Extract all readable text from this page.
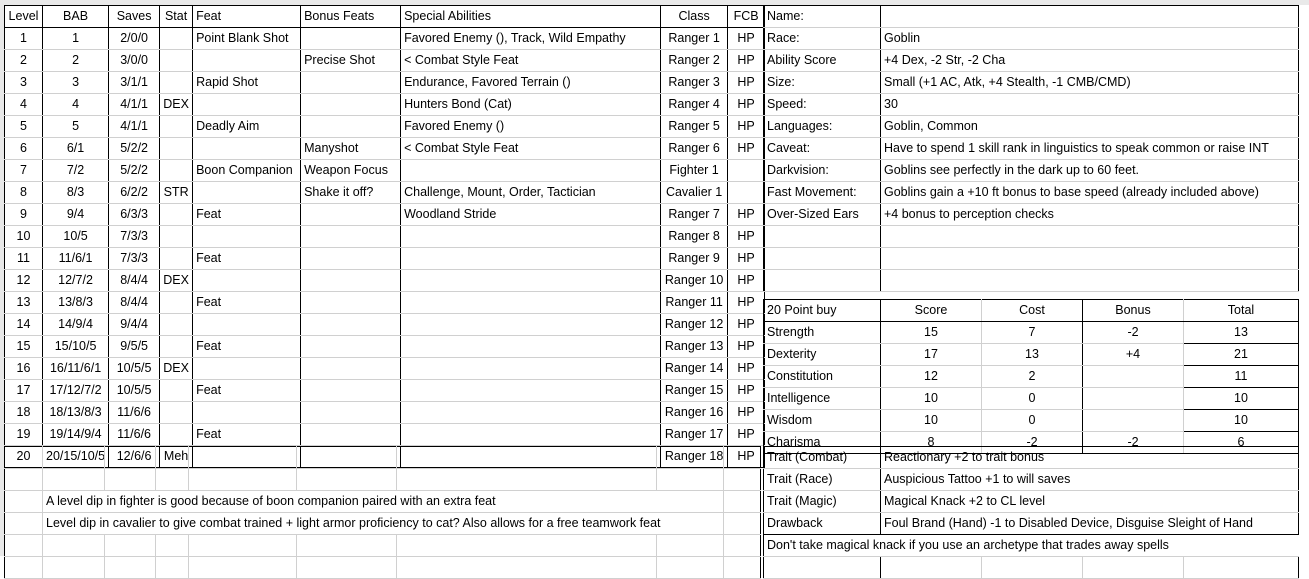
Level	BAB	Saves	Stat	Feat	Bonus Feats	Special Abilities	Class	FCB
1	1	2/0/0		Point Blank Shot		Favored Enemy (), Track, Wild Empathy	Ranger 1	HP
2	2	3/0/0			Precise Shot	< Combat Style Feat	Ranger 2	HP
3	3	3/1/1		Rapid Shot		Endurance, Favored Terrain ()	Ranger 3	HP
4	4	4/1/1	DEX			Hunters Bond (Cat)	Ranger 4	HP
5	5	4/1/1		Deadly Aim		Favored Enemy ()	Ranger 5	HP
6	6/1	5/2/2			Manyshot	< Combat Style Feat	Ranger 6	HP
7	7/2	5/2/2		Boon Companion	Weapon Focus		Fighter 1	
8	8/3	6/2/2	STR		Shake it off?	Challenge, Mount, Order, Tactician	Cavalier 1	
9	9/4	6/3/3		Feat		Woodland Stride	Ranger 7	HP
10	10/5	7/3/3					Ranger 8	HP
11	11/6/1	7/3/3		Feat			Ranger 9	HP
12	12/7/2	8/4/4	DEX				Ranger 10	HP
13	13/8/3	8/4/4		Feat			Ranger 11	HP
14	14/9/4	9/4/4					Ranger 12	HP
15	15/10/5	9/5/5		Feat			Ranger 13	HP
16	16/11/6/1	10/5/5	DEX				Ranger 14	HP
17	17/12/7/2	10/5/5		Feat			Ranger 15	HP
18	18/13/8/3	11/6/6					Ranger 16	HP
19	19/14/9/4	11/6/6		Feat			Ranger 17	HP
20	20/15/10/5	12/6/6	Meh				Ranger 18	HP
Name:	
Race:	Goblin
Ability Score	+4 Dex, -2 Str, -2 Cha
Size:	Small (+1 AC, Atk, +4 Stealth, -1 CMB/CMD)
Speed:	30
Languages:	Goblin, Common
Caveat:	Have to spend 1 skill rank in linguistics to speak common or raise INT
Darkvision:	Goblins see perfectly in the dark up to 60 feet.
Fast Movement:	Goblins gain a +10 ft bonus to base speed (already included above)
Over-Sized Ears	+4 bonus to perception checks

20 Point buy	Score	Cost	Bonus	Total
Strength	15	7	-2	13
Dexterity	17	13	+4	21
Constitution	12	2		11
Intelligence	10	0		10
Wisdom	10	0		10
Charisma	8	-2	-2	6
Trait (Combat)	Reactionary +2 to trait bonus			
Trait (Race)	Auspicious Tattoo +1 to will saves			
Trait (Magic)	Magical Knack +2 to CL level			
Drawback	Foul Brand (Hand) -1 to Disabled Device, Disguise Sleight of Hand			
Don't take magical knack if you use an archetype that trades away spells				

	A level dip in fighter is good because of boon companion paired with an extra feat							
	Level dip in cavalier to give combat trained + light armor proficiency to cat? Also allows for a free teamwork feat							
